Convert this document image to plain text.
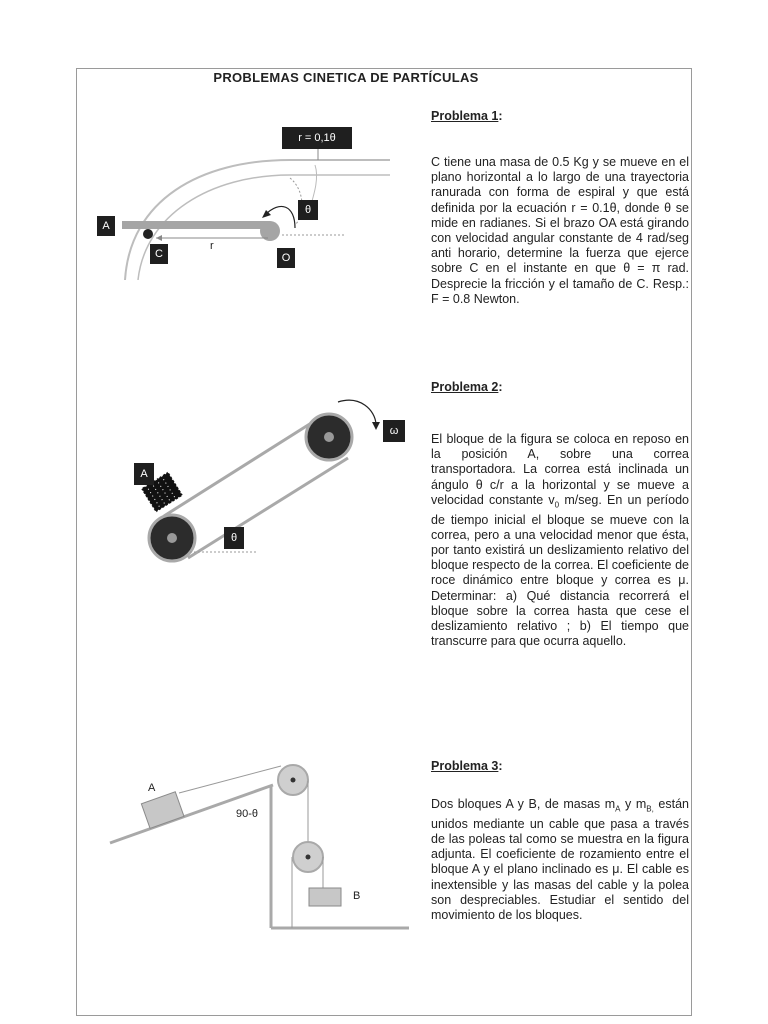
PROBLEMAS CINETICA DE PARTÍCULAS
r = 0,1θ
A
C	O
θ
r
Problema 1:
C tiene una masa de 0.5 Kg y se mueve en el plano horizontal a lo largo de una trayectoria ranurada con forma de espiral y que está definida por la ecuación r = 0.1θ, donde θ se mide en radianes. Si el brazo OA está girando con velocidad angular constante de 4 rad/seg anti horario, determine la fuerza que ejerce sobre C en el instante en que θ = π rad. Desprecie la fricción y el tamaño de C. Resp.: F = 0.8 Newton.
A
θ
ω
Problema 2:
El bloque de la figura se coloca en reposo en la posición A, sobre una correa transportadora. La correa está inclinada un ángulo θ c/r a la horizontal y se mueve a velocidad constante $v_0$ m/seg. En un período de tiempo inicial el bloque se mueve con la correa, pero a una velocidad menor que ésta, por tanto existirá un deslizamiento relativo del bloque respecto de la correa. El coeficiente de roce dinámico entre bloque y correa es μ. Determinar: a) Qué distancia recorrerá el bloque sobre la correa hasta que cese el deslizamiento relativo ; b) El tiempo que transcurre para que ocurra aquello.
A
B
90-θ
Problema 3:
Dos bloques A y B, de masas $m_A$ y $m_{B,}$ están unidos mediante un cable que pasa a través de las poleas tal como se muestra en la figura adjunta. El coeficiente de rozamiento entre el bloque A y el plano inclinado es μ. El cable es inextensible y las masas del cable y la polea son despreciables. Estudiar el sentido del movimiento de los bloques.
